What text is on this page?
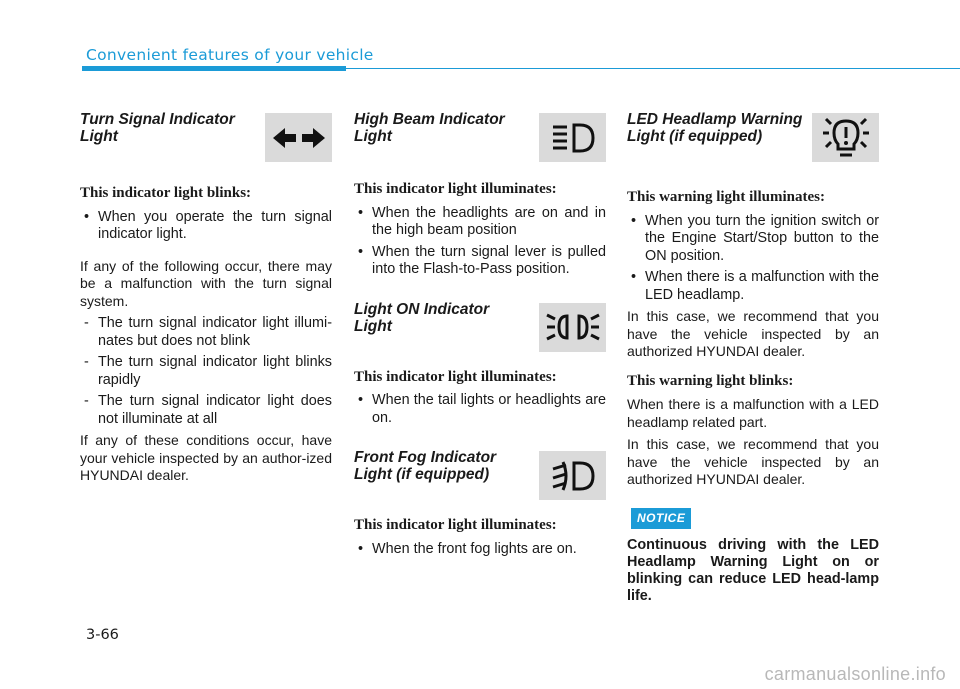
Convenient features of your vehicle
Turn Signal Indicator
Light
This indicator light blinks:
• When you operate the turn signal indicator light.

If any of the following occur, there may be a malfunction with the turn signal system.

- The turn signal indicator light illumi-nates but does not blink
- The turn signal indicator light blinks rapidly
- The turn signal indicator light does not illuminate at all

If any of these conditions occur, have your vehicle inspected by an author-ized HYUNDAI dealer.

High Beam Indicator
Light
This indicator light illuminates:
• When the headlights are on and in the high beam position
• When the turn signal lever is pulled into the Flash-to-Pass position.
Light ON Indicator
Light
This indicator light illuminates:
• When the tail lights or headlights are on.
Front Fog Indicator
Light (if equipped)
This indicator light illuminates:
• When the front fog lights are on.
LED Headlamp Warning
Light (if equipped)
This warning light illuminates:
• When you turn the ignition switch or the Engine Start/Stop button to the ON position.
• When there is a malfunction with the LED headlamp.

In this case, we recommend that you have the vehicle inspected by an authorized HYUNDAI dealer.

This warning light blinks:

When there is a malfunction with a LED headlamp related part.

In this case, we recommend that you have the vehicle inspected by an authorized HYUNDAI dealer.

NOTICE
Continuous driving with the LED Headlamp Warning Light on or blinking can reduce LED head-lamp life.
3-66
carmanualsonline.info
